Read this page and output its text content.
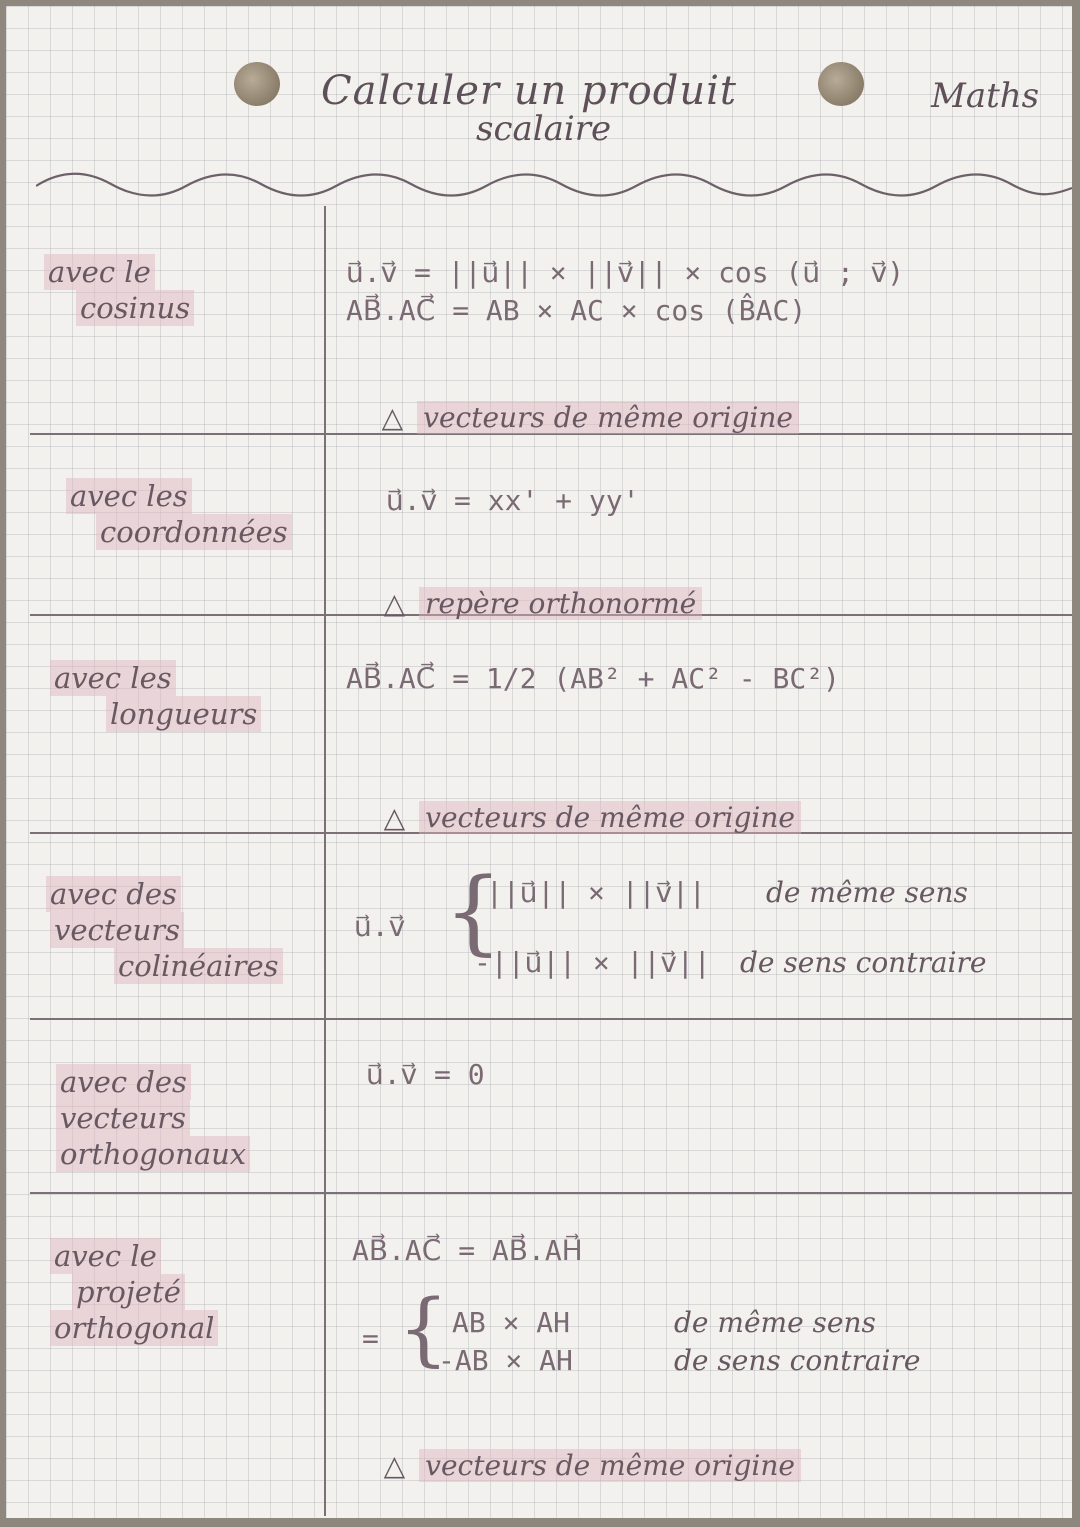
Calculer un produit
scalaire
Maths
avec le
cosinus
u⃗.v⃗ = ||u⃗|| × ||v⃗|| × cos (u⃗ ; v⃗)
AB⃗.AC⃗ = AB × AC × cos (B̂AC)

△ vecteurs de même origine

avec les
coordonnées
u⃗.v⃗ = xx' + yy'

△ repère orthonormé

avec les
longueurs
AB⃗.AC⃗ = 1/2 (AB² + AC² - BC²)

△ vecteurs de même origine

avec des
vecteurs
colinéaires
u⃗.v⃗ {
||u⃗|| × ||v⃗|| de même sens
-||u⃗|| × ||v⃗|| de sens contraire
avec des
vecteurs
orthogonaux
u⃗.v⃗ = 0
avec le
projeté
orthogonal
AB⃗.AC⃗ = AB⃗.AH⃗
= { AB × AH	de même sens
-AB × AH	de sens contraire

△ vecteurs de même origine
